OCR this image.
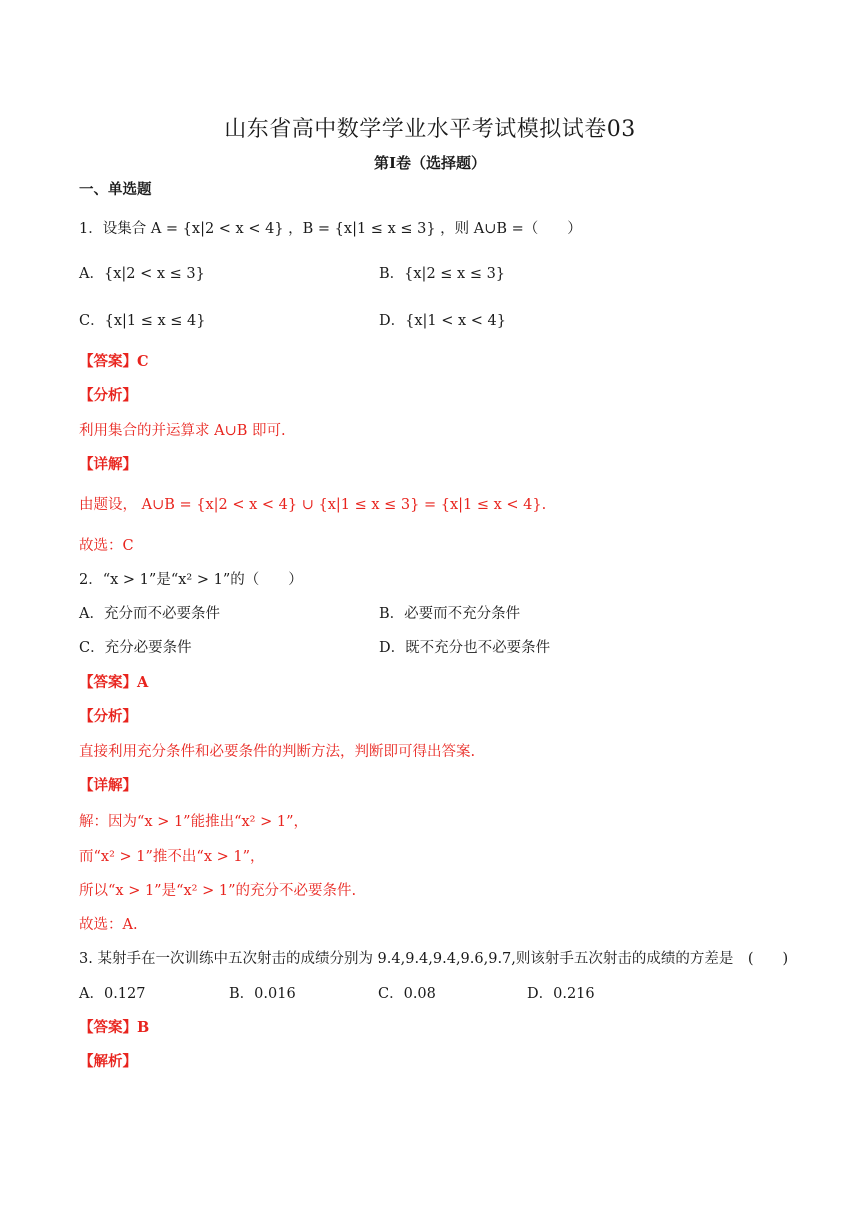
山东省高中数学学业水平考试模拟试卷03
第Ⅰ卷（选择题）
一、单选题
1．设集合 A = {x|2 < x < 4} ，B = {x|1 ≤ x ≤ 3} ，则 A∪B =（　　）
A．{x|2 < x ≤ 3}	B．{x|2 ≤ x ≤ 3}
C．{x|1 ≤ x ≤ 4}	D．{x|1 < x < 4}
【答案】C
【分析】
利用集合的并运算求 A∪B 即可.
【详解】
由题设， A∪B = {x|2 < x < 4} ∪ {x|1 ≤ x ≤ 3} = {x|1 ≤ x < 4}.
故选：C
2．“x > 1”是“x² > 1”的（　　）
A．充分而不必要条件	B．必要而不充分条件
C．充分必要条件	D．既不充分也不必要条件
【答案】A
【分析】
直接利用充分条件和必要条件的判断方法，判断即可得出答案.
【详解】
解：因为“x > 1”能推出“x² > 1”，
而“x² > 1”推不出“x > 1”，
所以“x > 1”是“x² > 1”的充分不必要条件.
故选：A.
3. 某射手在一次训练中五次射击的成绩分别为 9.4,9.4,9.4,9.6,9.7,则该射手五次射击的成绩的方差是　(　　)
A．0.127	B．0.016	C．0.08	D．0.216
【答案】B
【解析】
